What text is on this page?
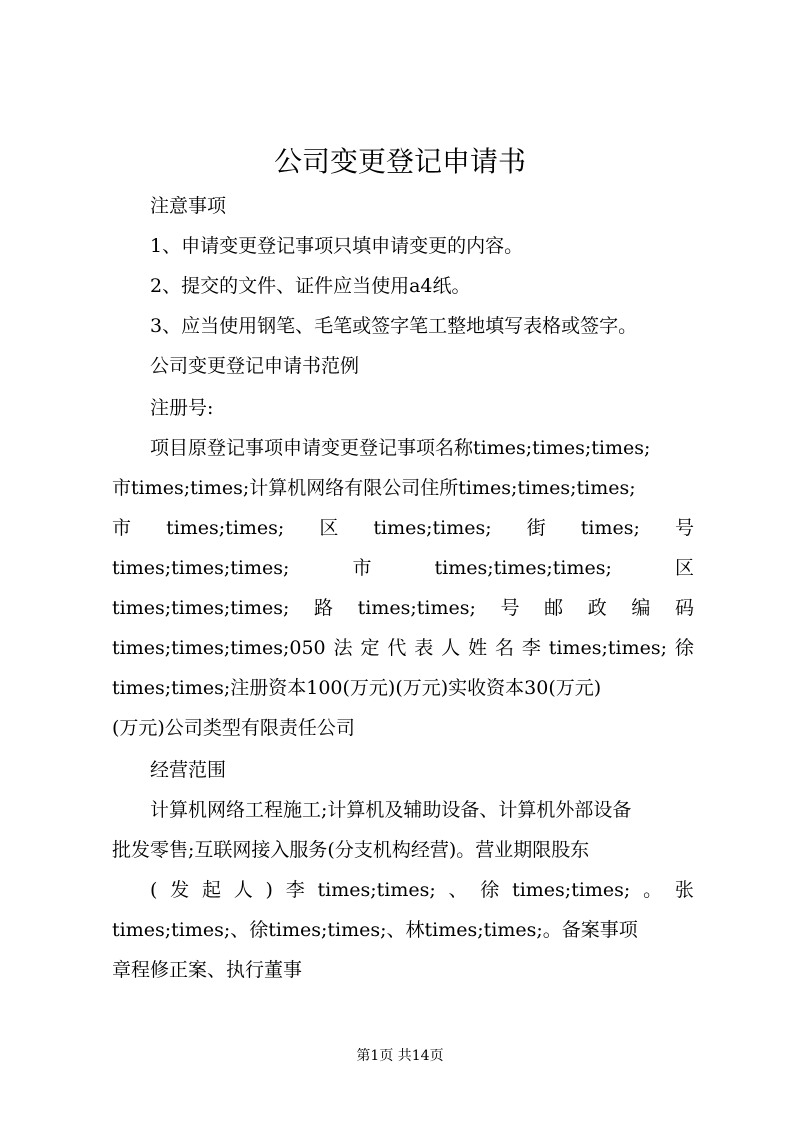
公司变更登记申请书
注意事项
1、申请变更登记事项只填申请变更的内容。
2、提交的文件、证件应当使用a4纸。
3、应当使用钢笔、毛笔或签字笔工整地填写表格或签字。
公司变更登记申请书范例
注册号:
项目原登记事项申请变更登记事项名称times;times;times;
市times;times;计算机网络有限公司住所times;times;times;
市 times;times; 区 times;times; 街 times; 号
times;times;times;	市	times;times;times;	区
times;times;times; 路 times;times; 号 邮 政 编 码
times;times;times;050 法 定 代 表 人 姓 名 李 times;times; 徐
times;times;注册资本100(万元)(万元)实收资本30(万元)
(万元)公司类型有限责任公司
经营范围
计算机网络工程施工;计算机及辅助设备、计算机外部设备
批发零售;互联网接入服务(分支机构经营)。营业期限股东
( 发 起 人 ) 李 times;times; 、 徐 times;times; 。 张
times;times;、徐times;times;、林times;times;。备案事项
章程修正案、执行董事
第1页 共14页
